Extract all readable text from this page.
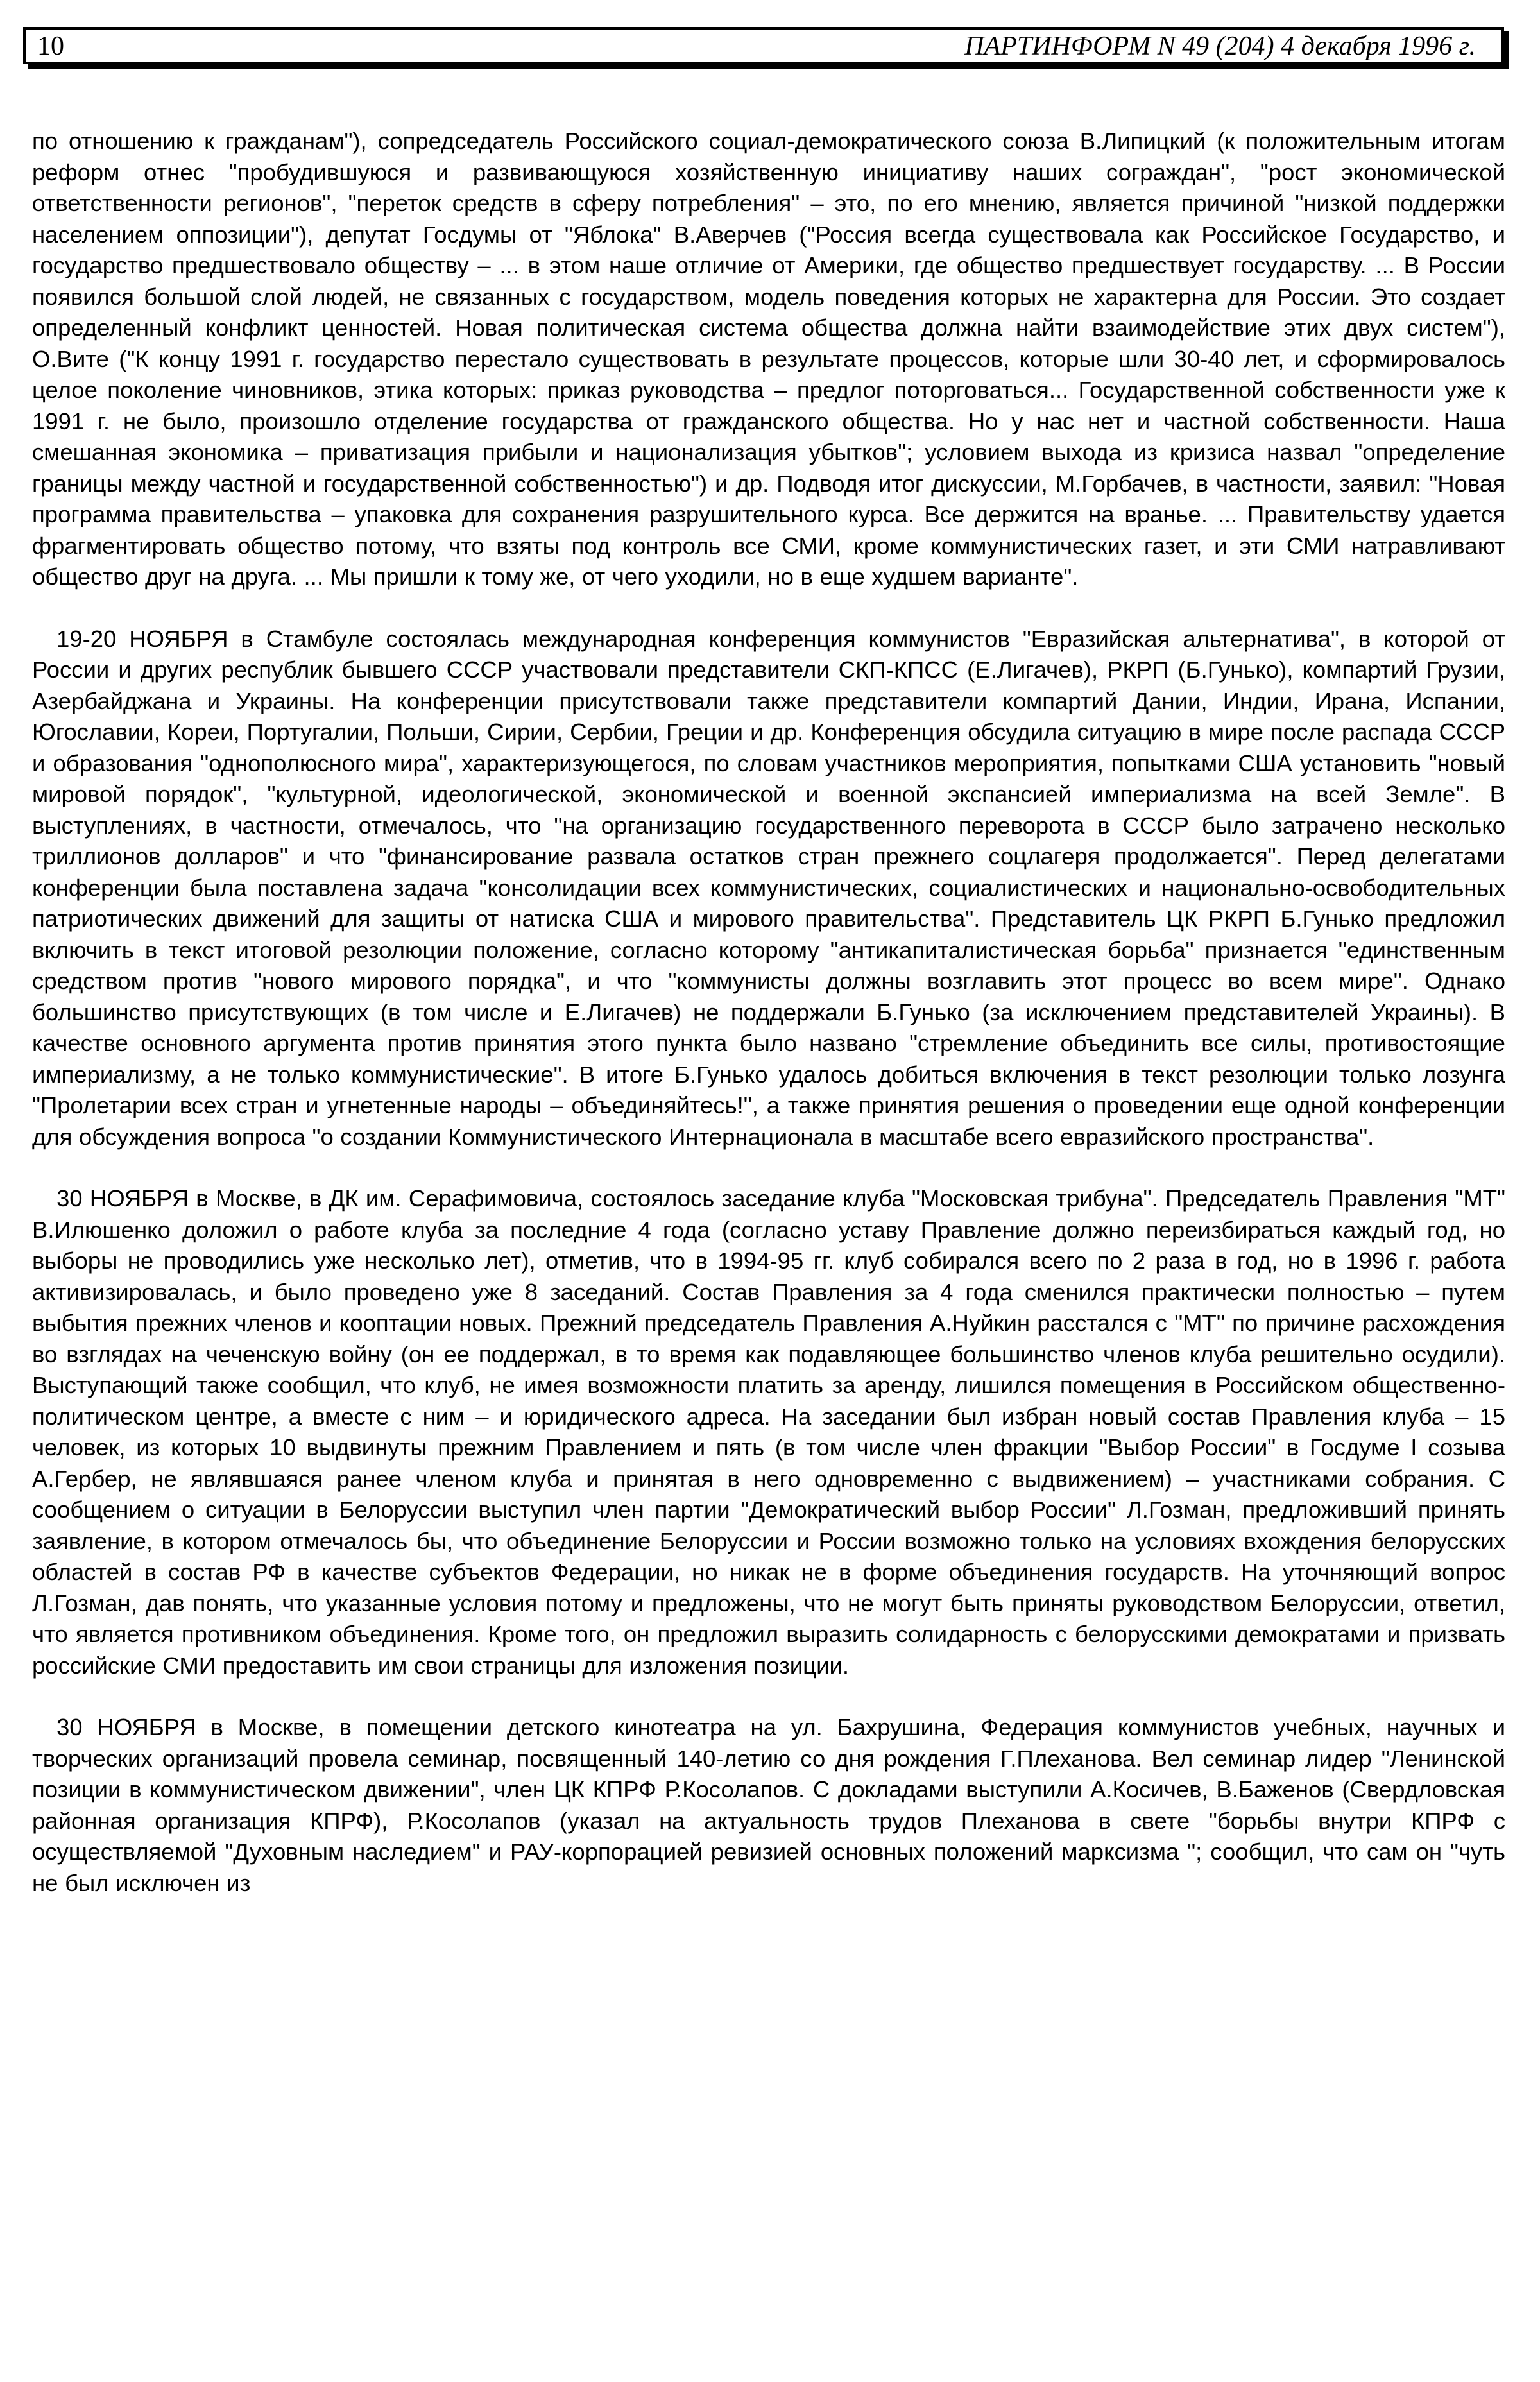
10	ПАРТИНФОРМ N 49 (204) 4 декабря 1996 г.

по отношению к гражданам"), сопредседатель Российского социал-демократического союза В.Липицкий (к положительным итогам реформ отнес "пробудившуюся и развивающуюся хозяйственную инициативу наших сограждан", "рост экономической ответственности регионов", "переток средств в сферу потребления" – это, по его мнению, является причиной "низкой поддержки населением оппозиции"), депутат Госдумы от "Яблока" В.Аверчев ("Россия всегда существовала как Российское Государство, и государство предшествовало обществу – ... в этом наше отличие от Америки, где общество предшествует государству. ... В России появился большой слой людей, не связанных с государством, модель поведения которых не характерна для России. Это создает определенный конфликт ценностей. Новая политическая система общества должна найти взаимодействие этих двух систем"), О.Вите ("К концу 1991 г. государство перестало существовать в результате процессов, которые шли 30-40 лет, и сформировалось целое поколение чиновников, этика которых: приказ руководства – предлог поторговаться... Государственной собственности уже к 1991 г. не было, произошло отделение государства от гражданского общества. Но у нас нет и частной собственности. Наша смешанная экономика – приватизация прибыли и национализация убытков"; условием выхода из кризиса назвал "определение границы между частной и государственной собственностью") и др. Подводя итог дискуссии, М.Горбачев, в частности, заявил: "Новая программа правительства – упаковка для сохранения разрушительного курса. Все держится на вранье. ... Правительству удается фрагментировать общество потому, что взяты под контроль все СМИ, кроме коммунистических газет, и эти СМИ натравливают общество друг на друга. ... Мы пришли к тому же, от чего уходили, но в еще худшем варианте".

19-20 НОЯБРЯ в Стамбуле состоялась международная конференция коммунистов "Евразийская альтернатива", в которой от России и других республик бывшего СССР участвовали представители СКП-КПСС (Е.Лигачев), РКРП (Б.Гунько), компартий Грузии, Азербайджана и Украины. На конференции присутствовали также представители компартий Дании, Индии, Ирана, Испании, Югославии, Кореи, Португалии, Польши, Сирии, Сербии, Греции и др. Конференция обсудила ситуацию в мире после распада СССР и образования "однополюсного мира", характеризующегося, по словам участников мероприятия, попытками США установить "новый мировой порядок", "культурной, идеологической, экономической и военной экспансией империализма на всей Земле". В выступлениях, в частности, отмечалось, что "на организацию государственного переворота в СССР было затрачено несколько триллионов долларов" и что "финансирование развала остатков стран прежнего соцлагеря продолжается". Перед делегатами конференции была поставлена задача "консолидации всех коммунистических, социалистических и национально-освободительных патриотических движений для защиты от натиска США и мирового правительства". Представитель ЦК РКРП Б.Гунько предложил включить в текст итоговой резолюции положение, согласно которому "антикапиталистическая борьба" признается "единственным средством против "нового мирового порядка", и что "коммунисты должны возглавить этот процесс во всем мире". Однако большинство присутствующих (в том числе и Е.Лигачев) не поддержали Б.Гунько (за исключением представителей Украины). В качестве основного аргумента против принятия этого пункта было названо "стремление объединить все силы, противостоящие империализму, а не только коммунистические". В итоге Б.Гунько удалось добиться включения в текст резолюции только лозунга "Пролетарии всех стран и угнетенные народы – объединяйтесь!", а также принятия решения о проведении еще одной конференции для обсуждения вопроса "о создании Коммунистического Интернационала в масштабе всего евразийского пространства".

30 НОЯБРЯ в Москве, в ДК им. Серафимовича, состоялось заседание клуба "Московская трибуна". Председатель Правления "МТ" В.Илюшенко доложил о работе клуба за последние 4 года (согласно уставу Правление должно переизбираться каждый год, но выборы не проводились уже несколько лет), отметив, что в 1994-95 гг. клуб собирался всего по 2 раза в год, но в 1996 г. работа активизировалась, и было проведено уже 8 заседаний. Состав Правления за 4 года сменился практически полностью – путем выбытия прежних членов и кооптации новых. Прежний председатель Правления А.Нуйкин расстался с "МТ" по причине расхождения во взглядах на чеченскую войну (он ее поддержал, в то время как подавляющее большинство членов клуба решительно осудили). Выступающий также сообщил, что клуб, не имея возможности платить за аренду, лишился помещения в Российском общественно-политическом центре, а вместе с ним – и юридического адреса. На заседании был избран новый состав Правления клуба – 15 человек, из которых 10 выдвинуты прежним Правлением и пять (в том числе член фракции "Выбор России" в Госдуме I созыва А.Гербер, не являвшаяся ранее членом клуба и принятая в него одновременно с выдвижением) – участниками собрания. С сообщением о ситуации в Белоруссии выступил член партии "Демократический выбор России" Л.Гозман, предложивший принять заявление, в котором отмечалось бы, что объединение Белоруссии и России возможно только на условиях вхождения белорусских областей в состав РФ в качестве субъектов Федерации, но никак не в форме объединения государств. На уточняющий вопрос Л.Гозман, дав понять, что указанные условия потому и предложены, что не могут быть приняты руководством Белоруссии, ответил, что является противником объединения. Кроме того, он предложил выразить солидарность с белорусскими демократами и призвать российские СМИ предоставить им свои страницы для изложения позиции.

30 НОЯБРЯ в Москве, в помещении детского кинотеатра на ул. Бахрушина, Федерация коммунистов учебных, научных и творческих организаций провела семинар, посвященный 140-летию со дня рождения Г.Плеханова. Вел семинар лидер "Ленинской позиции в коммунистическом движении", член ЦК КПРФ Р.Косолапов. С докладами выступили А.Косичев, В.Баженов (Свердловская районная организация КПРФ), Р.Косолапов (указал на актуальность трудов Плеханова в свете "борьбы внутри КПРФ с осуществляемой "Духовным наследием" и РАУ-корпорацией ревизией основных положений марксизма "; сообщил, что сам он "чуть не был исключен из
